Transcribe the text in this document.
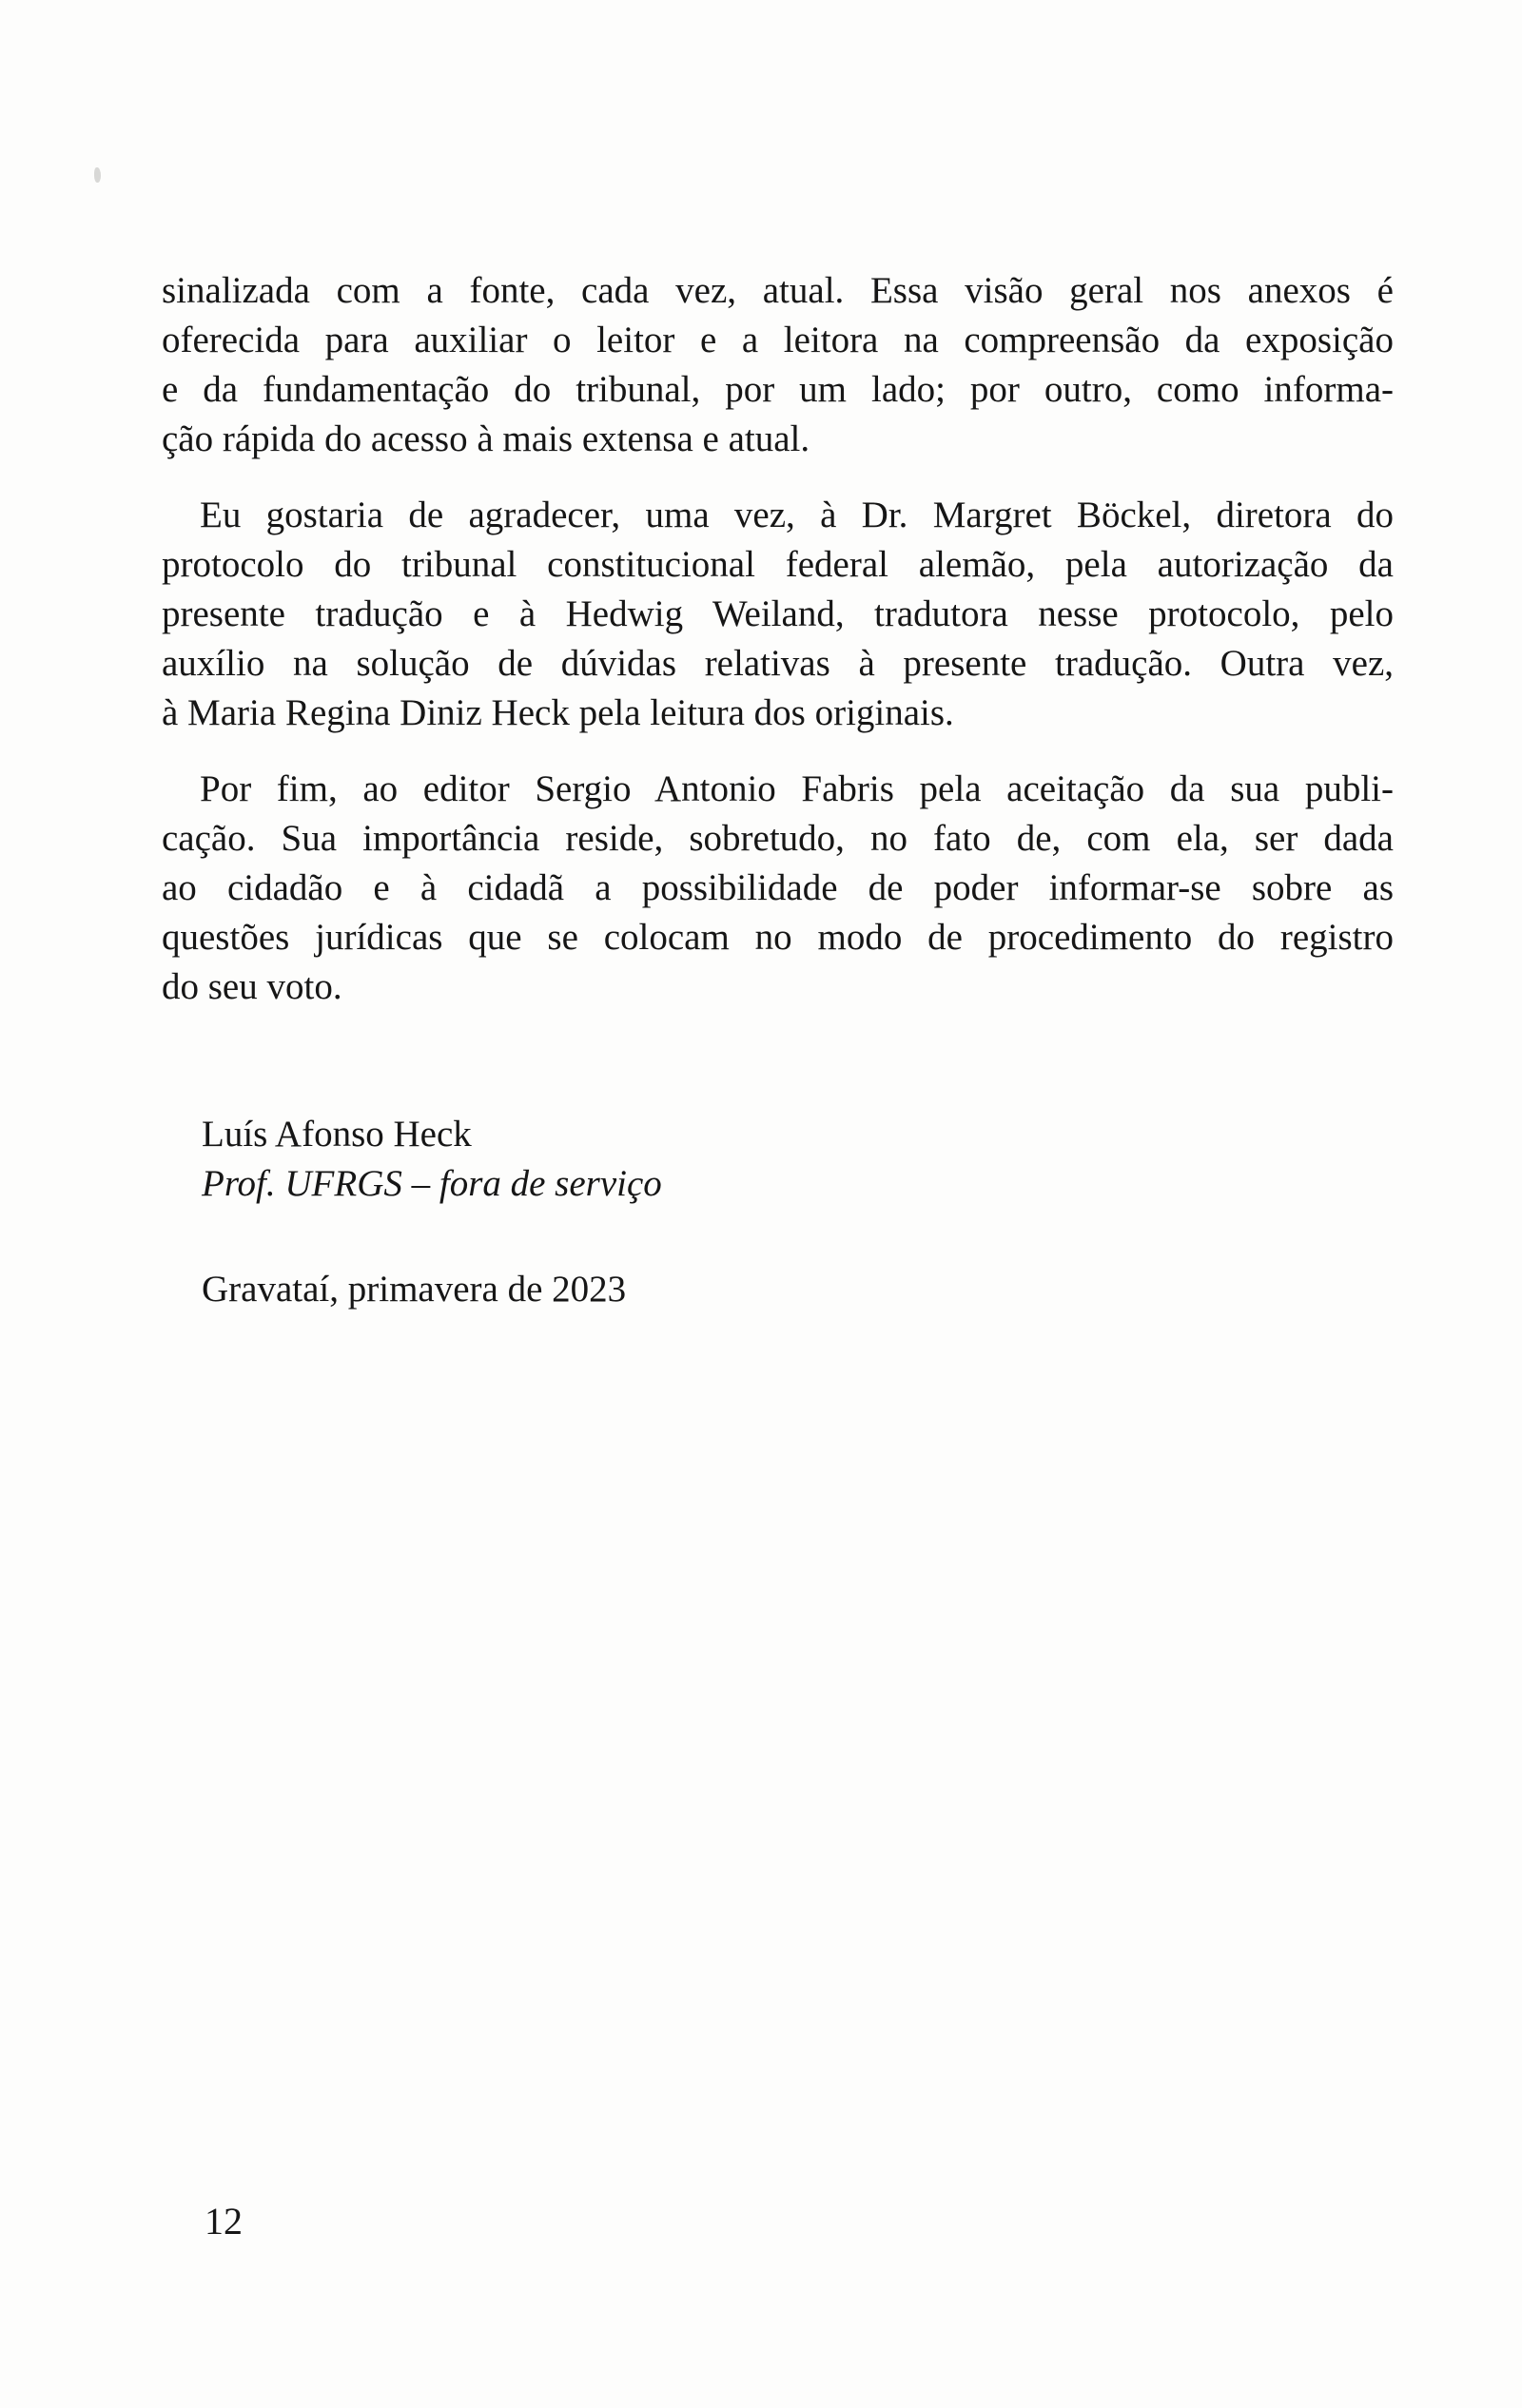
sinalizada com a fonte, cada vez, atual. Essa visão geral nos anexos é
oferecida para auxiliar o leitor e a leitora na compreensão da exposição
e da fundamentação do tribunal, por um lado; por outro, como informa-
ção rápida do acesso à mais extensa e atual.
Eu gostaria de agradecer, uma vez, à Dr. Margret Böckel, diretora do
protocolo do tribunal constitucional federal alemão, pela autorização da
presente tradução e à Hedwig Weiland, tradutora nesse protocolo, pelo
auxílio na solução de dúvidas relativas à presente tradução. Outra vez,
à Maria Regina Diniz Heck pela leitura dos originais.
Por fim, ao editor Sergio Antonio Fabris pela aceitação da sua publi-
cação. Sua importância reside, sobretudo, no fato de, com ela, ser dada
ao cidadão e à cidadã a possibilidade de poder informar-se sobre as
questões jurídicas que se colocam no modo de procedimento do registro
do seu voto.
Luís Afonso Heck
Prof. UFRGS – fora de serviço
Gravataí, primavera de 2023
12
